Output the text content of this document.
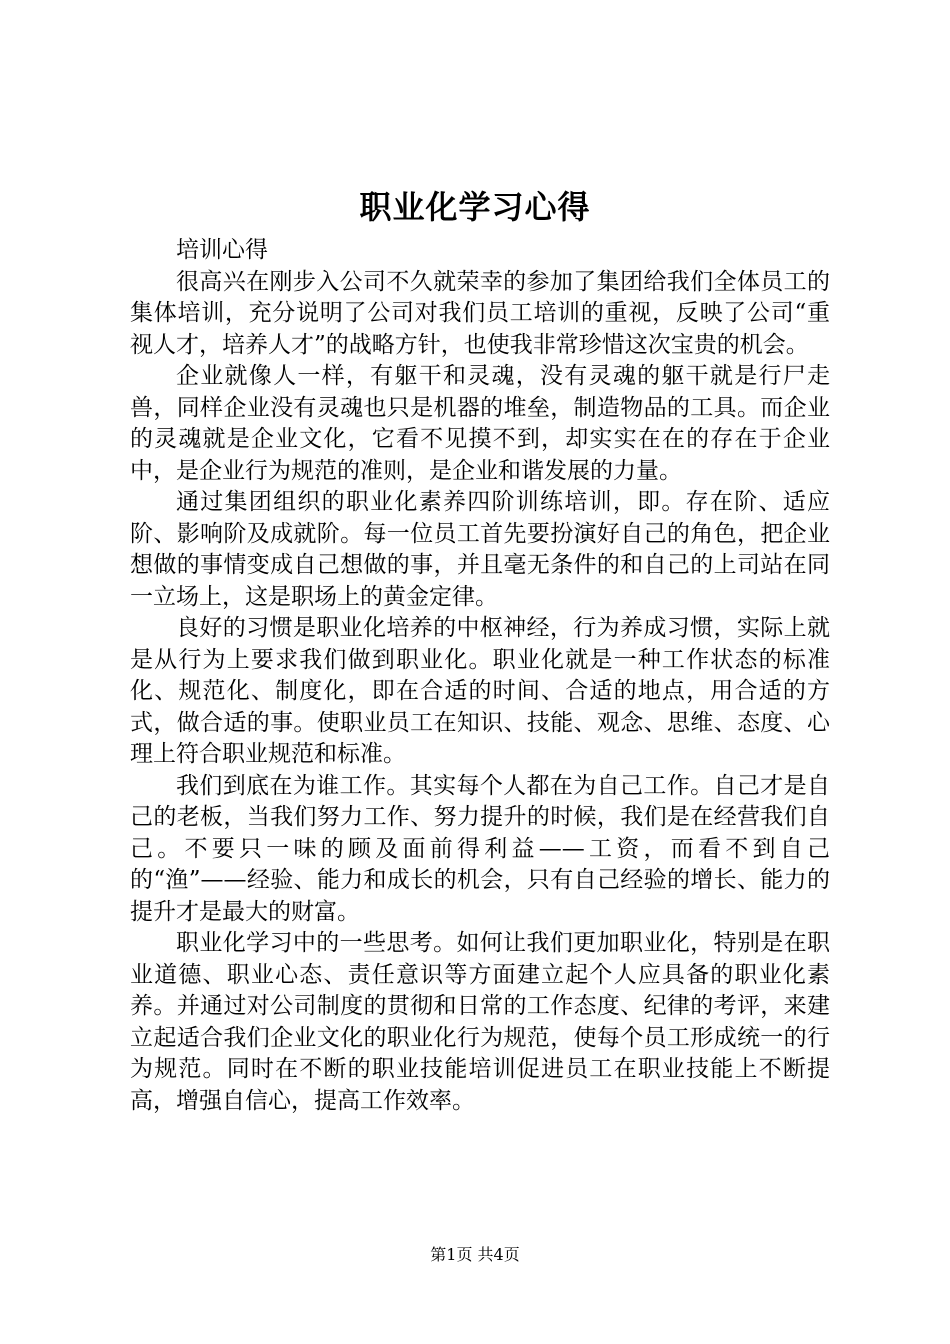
职业化学习心得

培训心得

很高兴在刚步入公司不久就荣幸的参加了集团给我们全体员工的集体培训，充分说明了公司对我们员工培训的重视，反映了公司“重视人才，培养人才”的战略方针，也使我非常珍惜这次宝贵的机会。

企业就像人一样，有躯干和灵魂，没有灵魂的躯干就是行尸走兽，同样企业没有灵魂也只是机器的堆垒，制造物品的工具。而企业的灵魂就是企业文化，它看不见摸不到，却实实在在的存在于企业中，是企业行为规范的准则，是企业和谐发展的力量。

通过集团组织的职业化素养四阶训练培训，即。存在阶、适应阶、影响阶及成就阶。每一位员工首先要扮演好自己的角色，把企业想做的事情变成自己想做的事，并且毫无条件的和自己的上司站在同一立场上，这是职场上的黄金定律。

良好的习惯是职业化培养的中枢神经，行为养成习惯，实际上就是从行为上要求我们做到职业化。职业化就是一种工作状态的标准化、规范化、制度化，即在合适的时间、合适的地点，用合适的方式，做合适的事。使职业员工在知识、技能、观念、思维、态度、心理上符合职业规范和标准。

我们到底在为谁工作。其实每个人都在为自己工作。自己才是自己的老板，当我们努力工作、努力提升的时候，我们是在经营我们自己。不要只一味的顾及面前得利益——工资，而看不到自己的“渔”——经验、能力和成长的机会，只有自己经验的增长、能力的提升才是最大的财富。

职业化学习中的一些思考。如何让我们更加职业化，特别是在职业道德、职业心态、责任意识等方面建立起个人应具备的职业化素养。并通过对公司制度的贯彻和日常的工作态度、纪律的考评，来建立起适合我们企业文化的职业化行为规范，使每个员工形成统一的行为规范。同时在不断的职业技能培训促进员工在职业技能上不断提高，增强自信心，提高工作效率。

第1页 共4页
